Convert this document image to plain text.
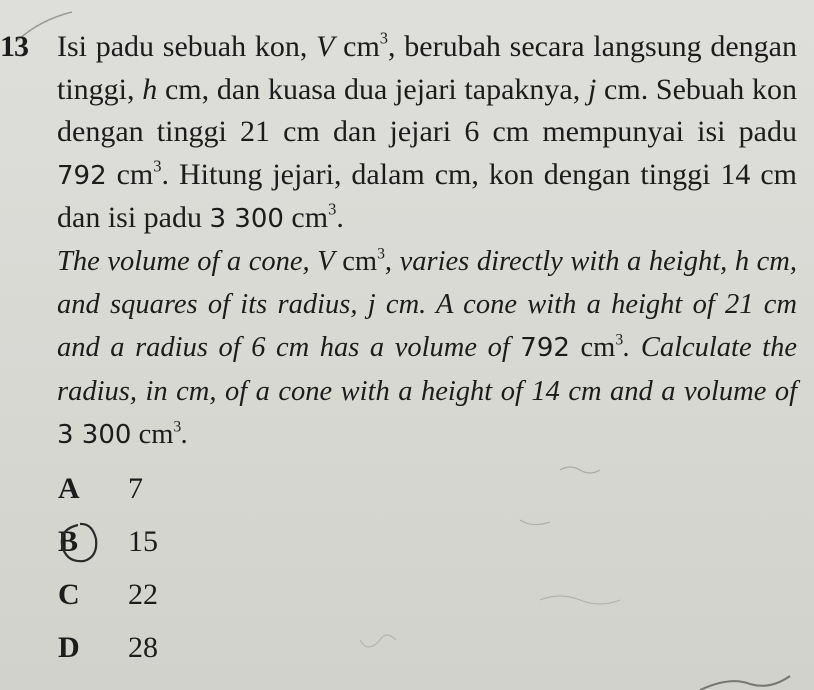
13 Isi padu sebuah kon, V $cm^3$, berubah secara langsung dengan tinggi, h cm, dan kuasa dua jejari tapaknya, j cm. Sebuah kon dengan tinggi 21 cm dan jejari 6 cm mempunyai isi padu 792 $cm^3$. Hitung jejari, dalam cm, kon dengan tinggi 14 cm dan isi padu 3 300 $cm^3$.
The volume of a cone, V $cm^3$, varies directly with a height, h cm, and squares of its radius, j cm. A cone with a height of 21 cm and a radius of 6 cm has a volume of 792 $cm^3$. Calculate the radius, in cm, of a cone with a height of 14 cm and a volume of 3 300 $cm^3$.
A	7
B	15
C	22
D	28
